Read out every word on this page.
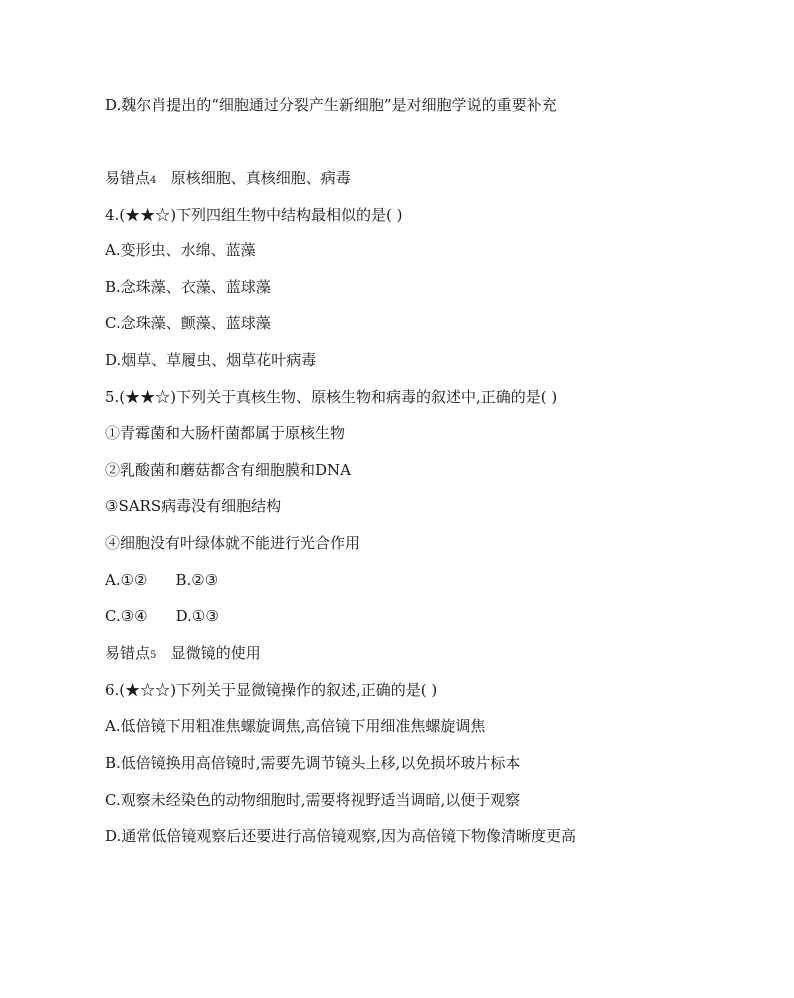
D.魏尔肖提出的“细胞通过分裂产生新细胞”是对细胞学说的重要补充
易错点4 原核细胞、真核细胞、病毒
4.(★★☆)下列四组生物中结构最相似的是( )
A.变形虫、水绵、蓝藻
B.念珠藻、衣藻、蓝球藻
C.念珠藻、颤藻、蓝球藻
D.烟草、草履虫、烟草花叶病毒
5.(★★☆)下列关于真核生物、原核生物和病毒的叙述中,正确的是( )
①青霉菌和大肠杆菌都属于原核生物
②乳酸菌和蘑菇都含有细胞膜和DNA
③SARS病毒没有细胞结构
④细胞没有叶绿体就不能进行光合作用
A.①② B.②③
C.③④ D.①③
易错点5 显微镜的使用
6.(★☆☆)下列关于显微镜操作的叙述,正确的是( )
A.低倍镜下用粗准焦螺旋调焦,高倍镜下用细准焦螺旋调焦
B.低倍镜换用高倍镜时,需要先调节镜头上移,以免损坏玻片标本
C.观察未经染色的动物细胞时,需要将视野适当调暗,以便于观察
D.通常低倍镜观察后还要进行高倍镜观察,因为高倍镜下物像清晰度更高
